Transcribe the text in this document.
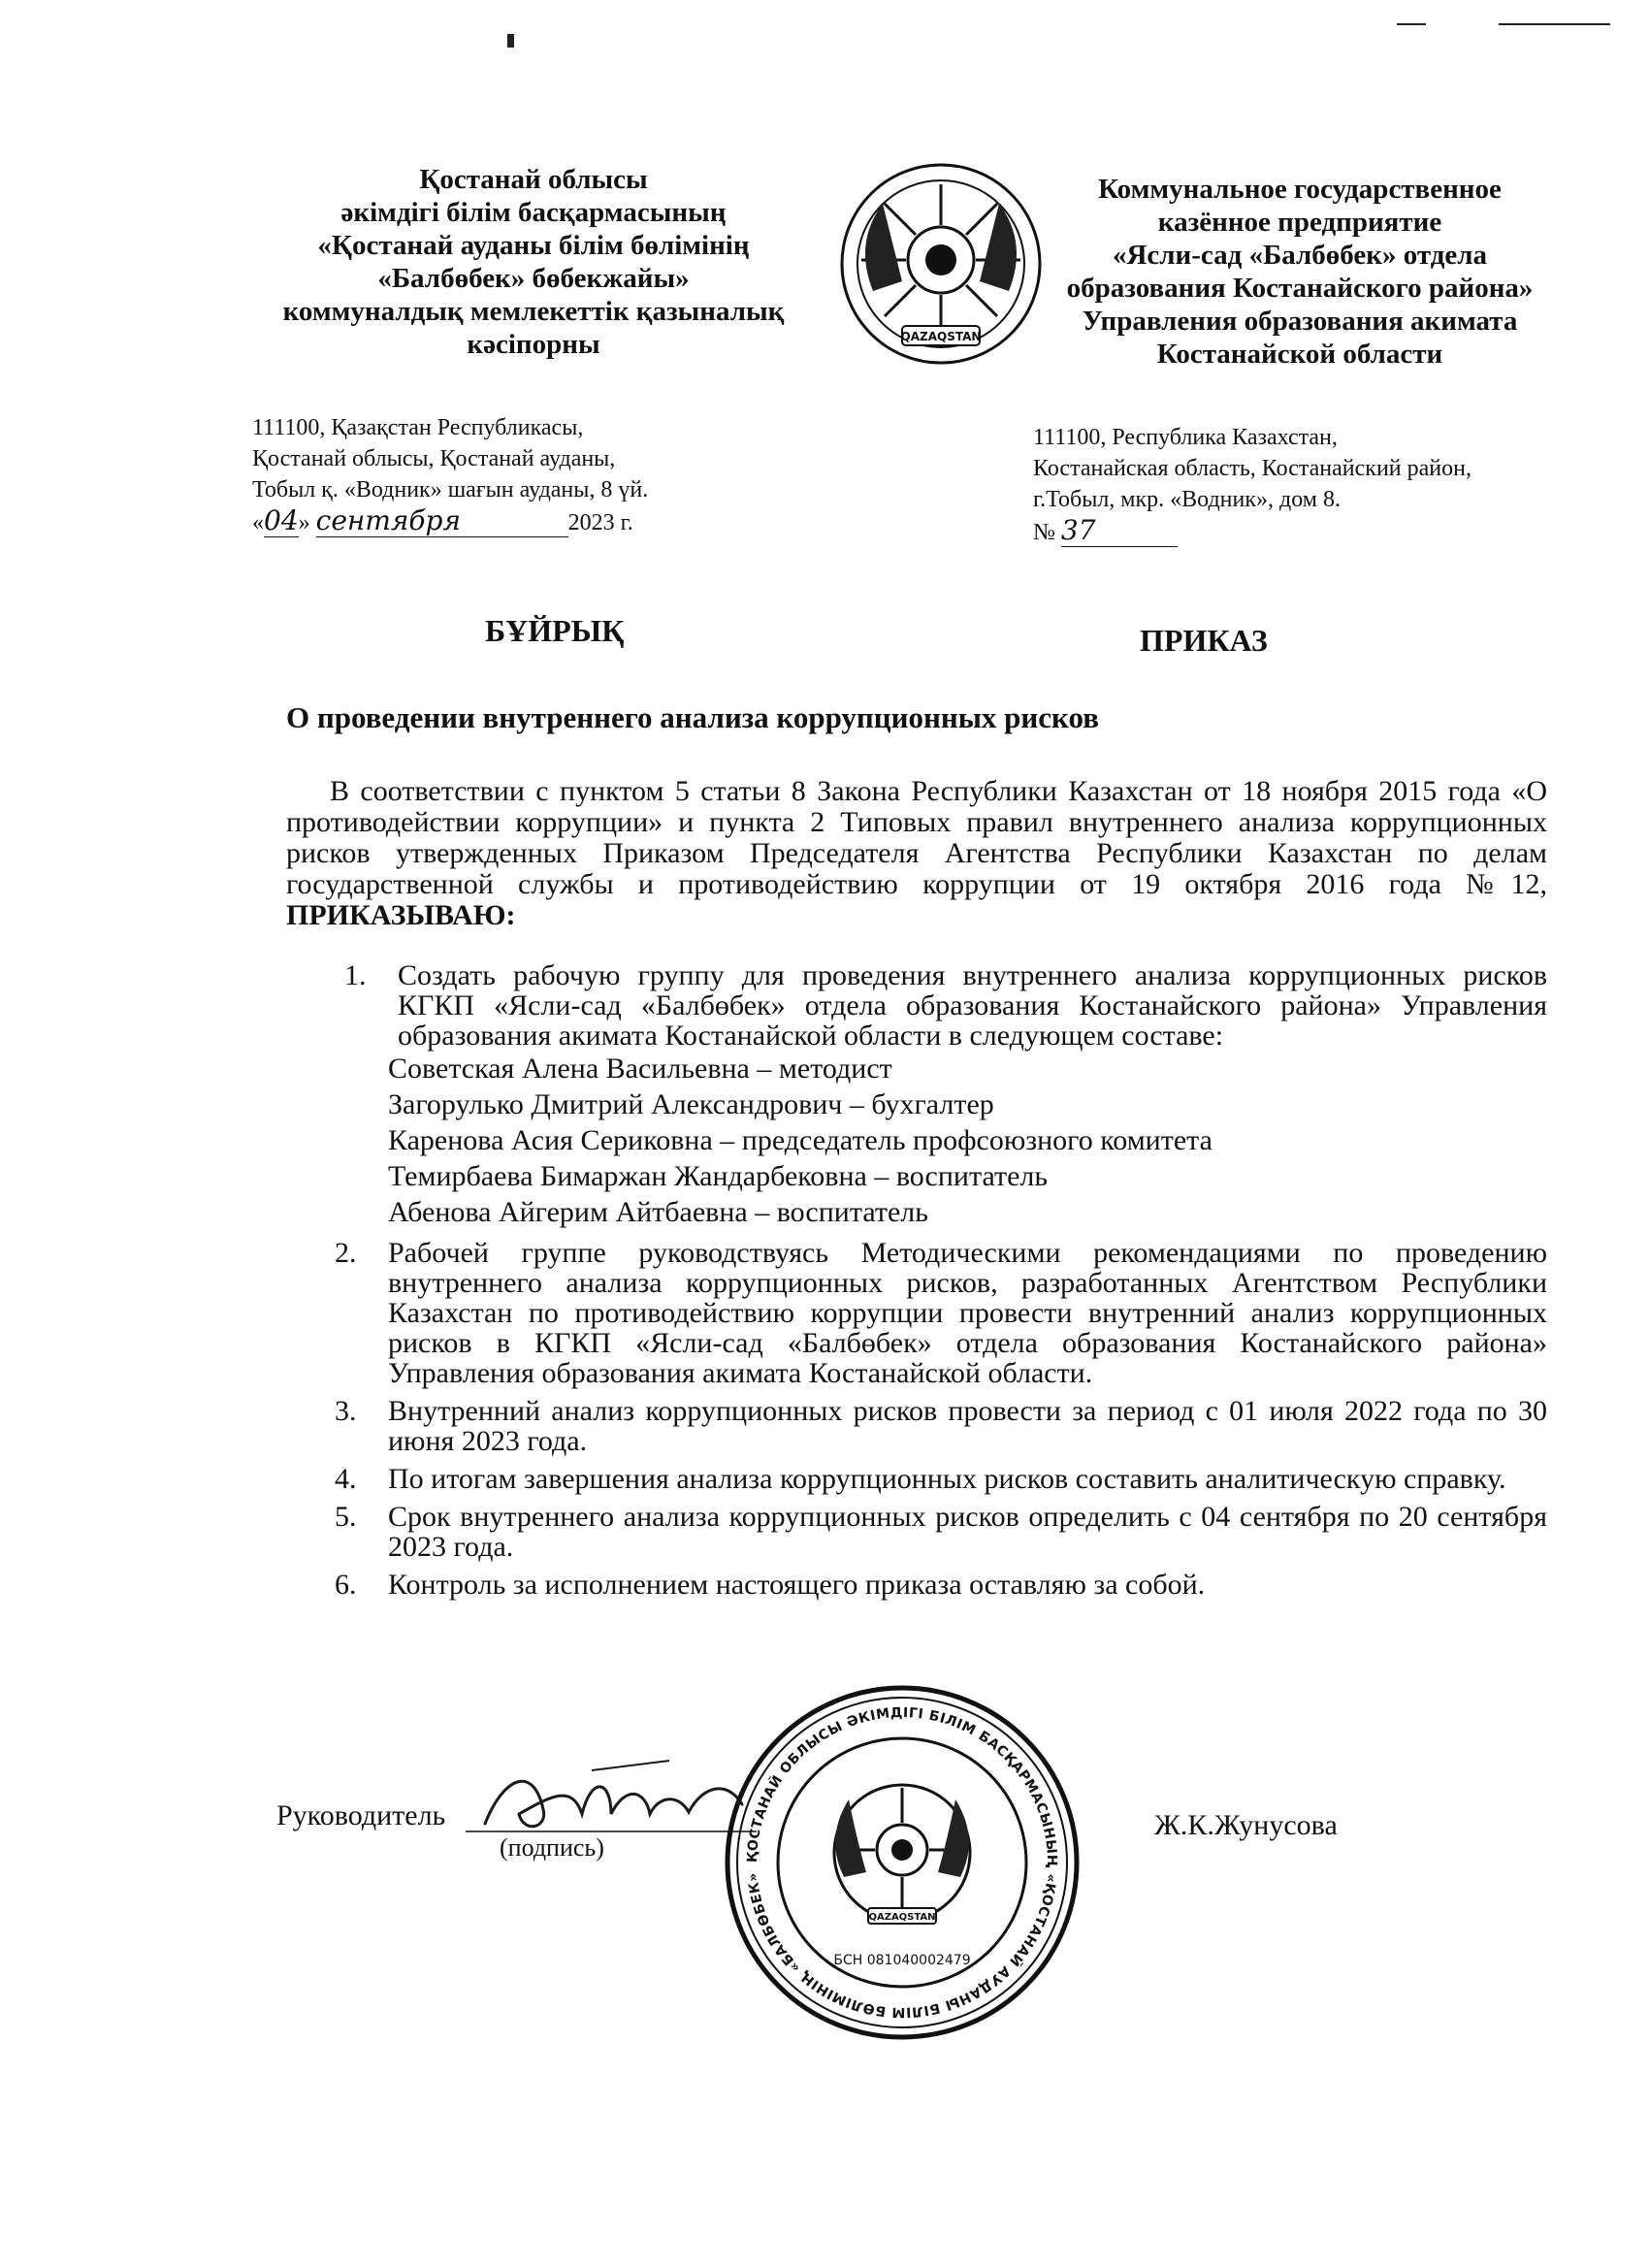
Қостанай облысы
әкімдігі білім басқармасының
«Қостанай ауданы білім бөлімінің
«Балбөбек» бөбекжайы»
коммуналдық мемлекеттік қазыналық
кәсіпорны	QAZAQSTAN
Коммунальное государственное
казённое предприятие
«Ясли-сад «Балбөбек» отдела
образования Костанайского района»
Управления образования акимата
Костанайской области
111100, Қазақстан Республикасы,
Қостанай облысы, Қостанай ауданы,
Тобыл қ. «Водник» шағын ауданы, 8 үй.
«04» сентября	2023 г.
111100, Республика Казахстан,
Костанайская область, Костанайский район,
г.Тобыл, мкр. «Водник», дом 8.
№ 37
БҰЙРЫҚ	ПРИКАЗ
О проведении внутреннего анализа коррупционных рисков
В соответствии с пунктом 5 статьи 8 Закона Республики Казахстан от 18 ноября 2015 года «О противодействии коррупции» и пункта 2 Типовых правил внутреннего анализа коррупционных рисков утвержденных Приказом Председателя Агентства Республики Казахстан по делам государственной службы и противодействию коррупции от 19 октября 2016 года №12, ПРИКАЗЫВАЮ:
1. Создать рабочую группу для проведения внутреннего анализа коррупционных рисков КГКП «Ясли-сад «Балбөбек» отдела образования Костанайского района» Управления образования акимата Костанайской области в следующем составе:
Советская Алена Васильевна – методист
Загорулько Дмитрий Александрович – бухгалтер
Каренова Асия Сериковна – председатель профсоюзного комитета
Темирбаева Бимаржан Жандарбековна – воспитатель
Абенова Айгерим Айтбаевна – воспитатель
2. Рабочей группе руководствуясь Методическими рекомендациями по проведению внутреннего анализа коррупционных рисков, разработанных Агентством Республики Казахстан по противодействию коррупции провести внутренний анализ коррупционных рисков в КГКП «Ясли-сад «Балбөбек» отдела образования Костанайского района» Управления образования акимата Костанайской области.
3. Внутренний анализ коррупционных рисков провести за период с 01 июля 2022 года по 30 июня 2023 года.
4. По итогам завершения анализа коррупционных рисков составить аналитическую справку.
5. Срок внутреннего анализа коррупционных рисков определить с 04 сентября по 20 сентября 2023 года.
6. Контроль за исполнением настоящего приказа оставляю за собой.
Руководитель
(подпись)
Ж.К.Жунусова
ҚОСТАНАЙ ОБЛЫСЫ ӘКІМДІГІ БІЛІМ БАСҚАРМАСЫНЫҢ «ҚОСТАНАЙ АУДАНЫ БІЛІМ БӨЛІМІНІҢ «БАЛБӨБЕК»
QAZAQSTAN
БСН 081040002479
